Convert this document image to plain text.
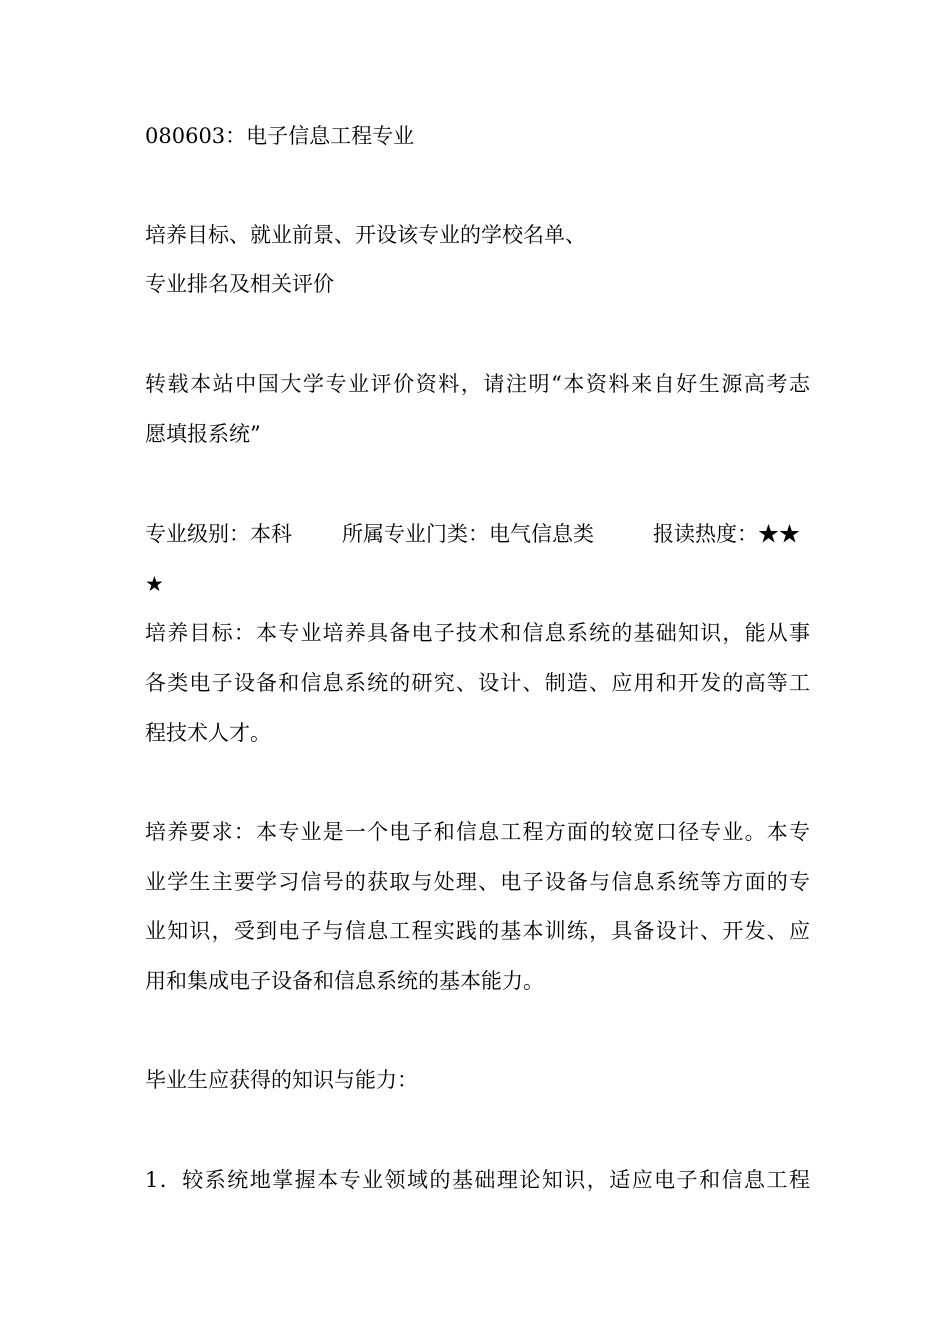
080603：电子信息工程专业
培养目标、就业前景、开设该专业的学校名单、
专业排名及相关评价
转载本站中国大学专业评价资料，请注明“本资料来自好生源高考志
愿填报系统”
专业级别：本科 所属专业门类：电气信息类	报读热度：★★
★
培养目标：本专业培养具备电子技术和信息系统的基础知识，能从事
各类电子设备和信息系统的研究、设计、制造、应用和开发的高等工
程技术人才。
培养要求：本专业是一个电子和信息工程方面的较宽口径专业。本专
业学生主要学习信号的获取与处理、电子设备与信息系统等方面的专
业知识，受到电子与信息工程实践的基本训练，具备设计、开发、应
用和集成电子设备和信息系统的基本能力。
毕业生应获得的知识与能力：
1．较系统地掌握本专业领域的基础理论知识，适应电子和信息工程
